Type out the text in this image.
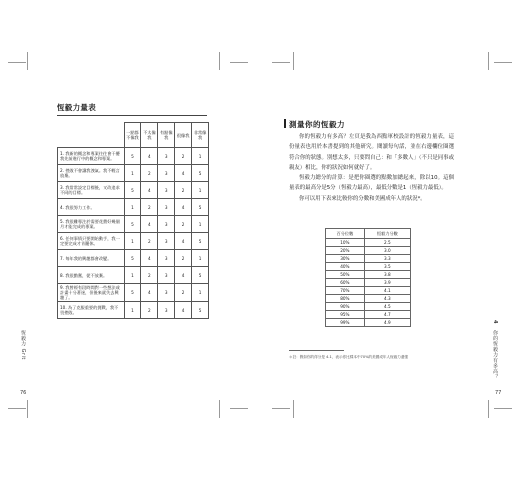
恆毅力量表
	一點都不像我	不太像我	有點像我	很像我	非常像我
1. 我新的概念和專案往往會干擾我先前進行中的概念和專案。	5	4	3	2	1
2. 挫敗不會讓我洩氣。我不輕言放棄。	1	2	3	4	5
3. 我常常設定目標後，又改追求不同的目標。	5	4	3	2	1
4. 我很努力工作。	1	2	3	4	5
5. 我很難專注於需要花費好幾個月才能完成的專案。	5	4	3	2	1
6. 任何事情只要開始動手，我一定要完成才肯罷休。	1	2	3	4	5
7. 每年我的興趣都會改變。	5	4	3	2	1
8. 我很勤奮，從不放棄。	1	2	3	4	5
9. 我曾經有段時間對一些想法或計畫十分著迷，但後來就失去興趣了。	5	4	3	2	1
10. 為了克服重要的挑戰，我不畏挫敗。	1	2	3	4	5
恆毅力 Grit
76
測量你的恆毅力

你的恆毅力有多高？左頁是我為西點軍校設計的恆毅力量表，這份量表也用於本書提到的其他研究。閱讀每句話，並在右邊欄位圈選符合你的狀態。別想太多，只要問自己：和「多數人」（不只是同事或親友）相比，你的狀況如何就好了。

恆毅力總分的計算：是把你圈選的點數加總起來，除以10。這個量表的最高分是5分（恆毅力最高），最低分數是1（恆毅力最低）。

你可以用下表來比較你的分數和美國成年人的狀況*。

百分位數	恆毅力分數
10%	2.5
20%	3.0
30%	3.3
40%	3.5
50%	3.8
60%	3.9
70%	4.1
80%	4.3
90%	4.5
95%	4.7
99%	4.9
＊註：假如你的得分是 4.1，表示你比樣本中70%的美國成年人恆毅力還強
4 你的恆毅力有多高？
77
